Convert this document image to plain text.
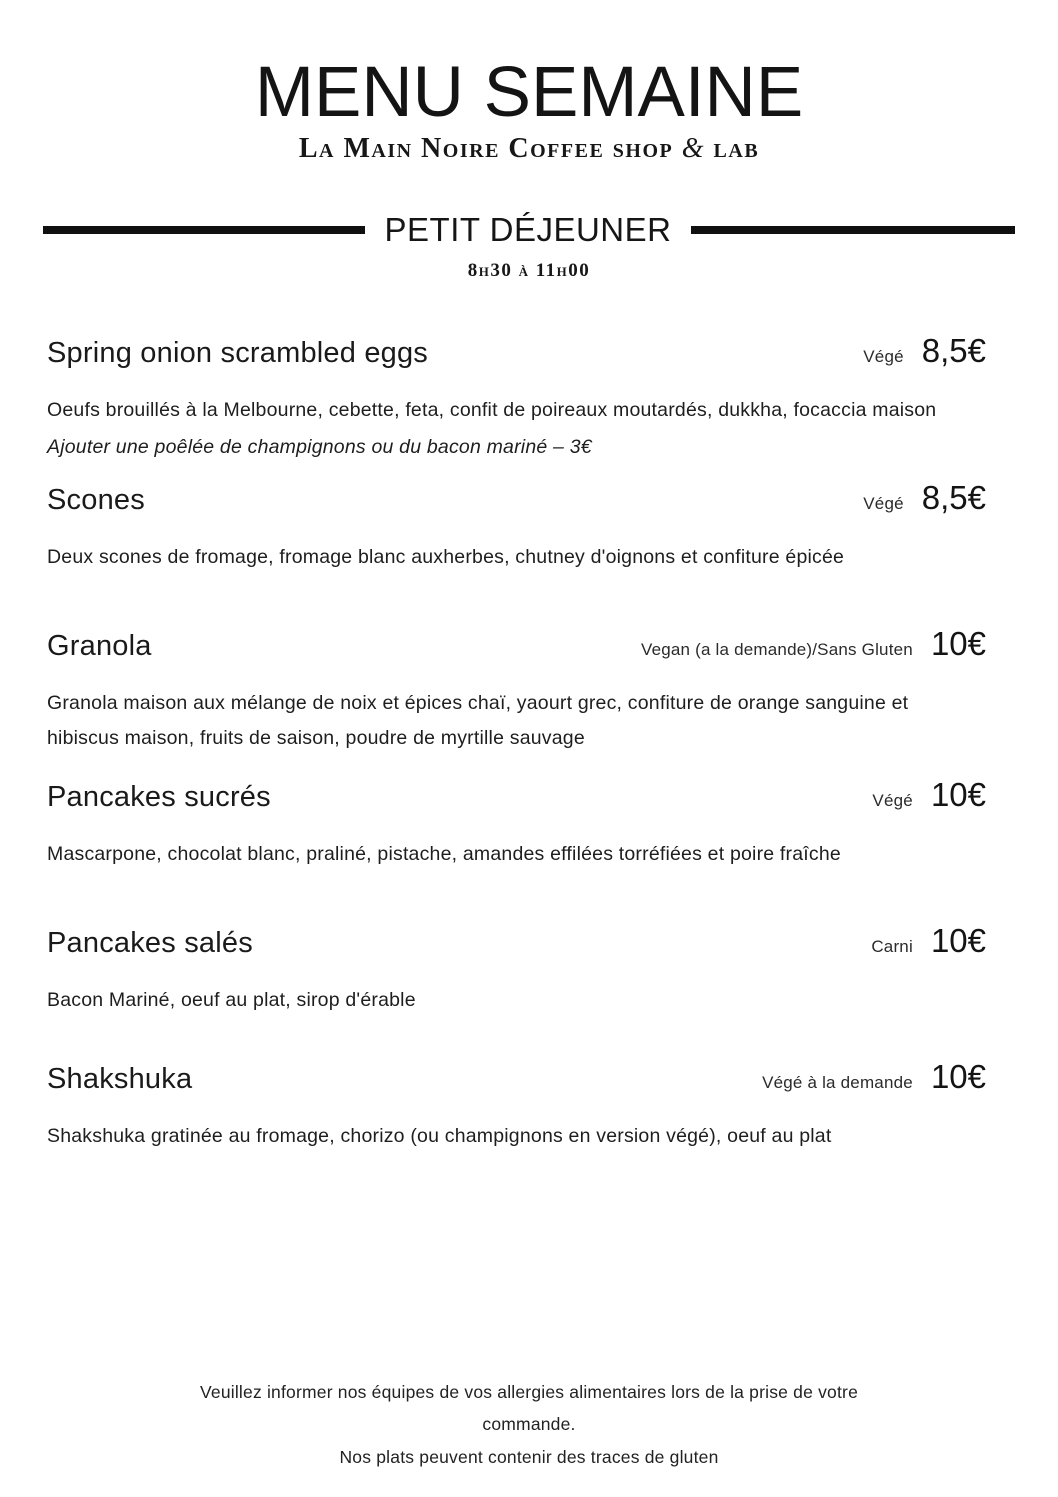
MENU SEMAINE
La Main Noire Coffee shop & lab
PETIT DÉJEUNER
8h30 à 11h00
Spring onion scrambled eggs	Végé 8,5€
Oeufs brouillés à la Melbourne, cebette, feta, confit de poireaux moutardés, dukkha, focaccia maison
Ajouter une poêlée de champignons ou du bacon mariné – 3€
Scones	Végé 8,5€
Deux scones de fromage, fromage blanc auxherbes, chutney d'oignons et confiture épicée
Granola	Vegan (a la demande)/Sans Gluten 10€
Granola maison aux mélange de noix et épices chaï, yaourt grec, confiture de orange sanguine et hibiscus maison, fruits de saison, poudre de myrtille sauvage
Pancakes sucrés	Végé 10€
Mascarpone, chocolat blanc, praliné, pistache, amandes effilées torréfiées et poire fraîche
Pancakes salés	Carni 10€
Bacon Mariné, oeuf au plat, sirop d'érable
Shakshuka	Végé à la demande 10€
Shakshuka gratinée au fromage, chorizo (ou champignons en version végé), oeuf au plat

Veuillez informer nos équipes de vos allergies alimentaires lors de la prise de votre commande.

Nos plats peuvent contenir des traces de gluten
